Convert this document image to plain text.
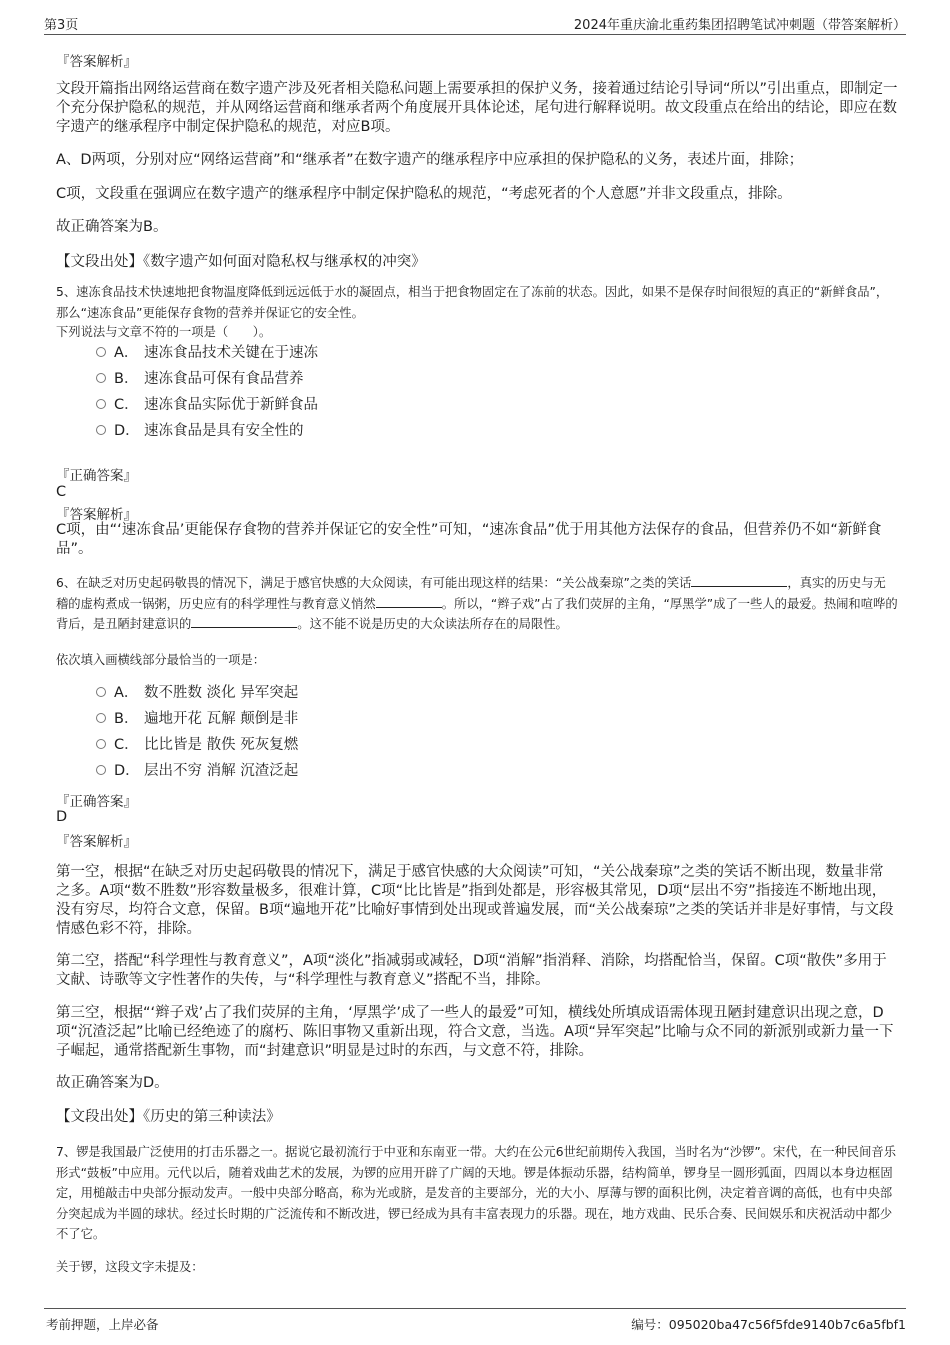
第3页	2024年重庆渝北重药集团招聘笔试冲刺题（带答案解析）
『答案解析』

文段开篇指出网络运营商在数字遗产涉及死者相关隐私问题上需要承担的保护义务，接着通过结论引导词“所以”引出重点，即制定一个充分保护隐私的规范，并从网络运营商和继承者两个角度展开具体论述，尾句进行解释说明。故文段重点在给出的结论，即应在数字遗产的继承程序中制定保护隐私的规范，对应B项。

A、D两项，分别对应“网络运营商”和“继承者”在数字遗产的继承程序中应承担的保护隐私的义务，表述片面，排除；

C项，文段重在强调应在数字遗产的继承程序中制定保护隐私的规范，“考虑死者的个人意愿”并非文段重点，排除。

故正确答案为B。

【文段出处】《数字遗产如何面对隐私权与继承权的冲突》

5、速冻食品技术快速地把食物温度降低到远远低于水的凝固点，相当于把食物固定在了冻前的状态。因此，如果不是保存时间很短的真正的“新鲜食品”，那么“速冻食品”更能保存食物的营养并保证它的安全性。

下列说法与文章不符的一项是（　　）。
A． 速冻食品技术关键在于速冻
B． 速冻食品可保有食品营养
C． 速冻食品实际优于新鲜食品
D． 速冻食品是具有安全性的
『正确答案』
C
『答案解析』

C项，由“‘速冻食品’更能保存食物的营养并保证它的安全性”可知，“速冻食品”优于用其他方法保存的食品，但营养仍不如“新鲜食品”。

6、在缺乏对历史起码敬畏的情况下，满足于感官快感的大众阅读，有可能出现这样的结果：“关公战秦琼”之类的笑话	，真实的历史与无稽的虚构煮成一锅粥，历史应有的科学理性与教育意义悄然	。所以，“辫子戏”占了我们荧屏的主角，“厚黑学”成了一些人的最爱。热闹和喧哗的背后，是丑陋封建意识的	。这不能不说是历史的大众读法所存在的局限性。
依次填入画横线部分最恰当的一项是：
A． 数不胜数 淡化 异军突起
B． 遍地开花 瓦解 颠倒是非
C． 比比皆是 散佚 死灰复燃
D． 层出不穷 消解 沉渣泛起
『正确答案』
D
『答案解析』

第一空，根据“在缺乏对历史起码敬畏的情况下，满足于感官快感的大众阅读”可知，“关公战秦琼”之类的笑话不断出现，数量非常之多。A项“数不胜数”形容数量极多，很难计算，C项“比比皆是”指到处都是，形容极其常见，D项“层出不穷”指接连不断地出现，没有穷尽，均符合文意，保留。B项“遍地开花”比喻好事情到处出现或普遍发展，而“关公战秦琼”之类的笑话并非是好事情，与文段情感色彩不符，排除。

第二空，搭配“科学理性与教育意义”，A项“淡化”指减弱或减轻，D项“消解”指消释、消除，均搭配恰当，保留。C项“散佚”多用于文献、诗歌等文字性著作的失传，与“科学理性与教育意义”搭配不当，排除。

第三空，根据“‘辫子戏’占了我们荧屏的主角，‘厚黑学’成了一些人的最爱”可知，横线处所填成语需体现丑陋封建意识出现之意，D项“沉渣泛起”比喻已经绝迹了的腐朽、陈旧事物又重新出现，符合文意，当选。A项“异军突起”比喻与众不同的新派别或新力量一下子崛起，通常搭配新生事物，而“封建意识”明显是过时的东西，与文意不符，排除。

故正确答案为D。

【文段出处】《历史的第三种读法》

7、锣是我国最广泛使用的打击乐器之一。据说它最初流行于中亚和东南亚一带。大约在公元6世纪前期传入我国，当时名为“沙锣”。宋代，在一种民间音乐形式“鼓板”中应用。元代以后，随着戏曲艺术的发展，为锣的应用开辟了广阔的天地。锣是体振动乐器，结构简单，锣身呈一圆形弧面，四周以本身边框固定，用槌敲击中央部分振动发声。一般中央部分略高，称为光或脐，是发音的主要部分，光的大小、厚薄与锣的面积比例，决定着音调的高低，也有中央部分突起成为半圆的球状。经过长时期的广泛流传和不断改进，锣已经成为具有丰富表现力的乐器。现在，地方戏曲、民乐合奏、民间娱乐和庆祝活动中都少不了它。

关于锣，这段文字未提及：
考前押题，上岸必备	编号：095020ba47c56f5fde9140b7c6a5fbf1
